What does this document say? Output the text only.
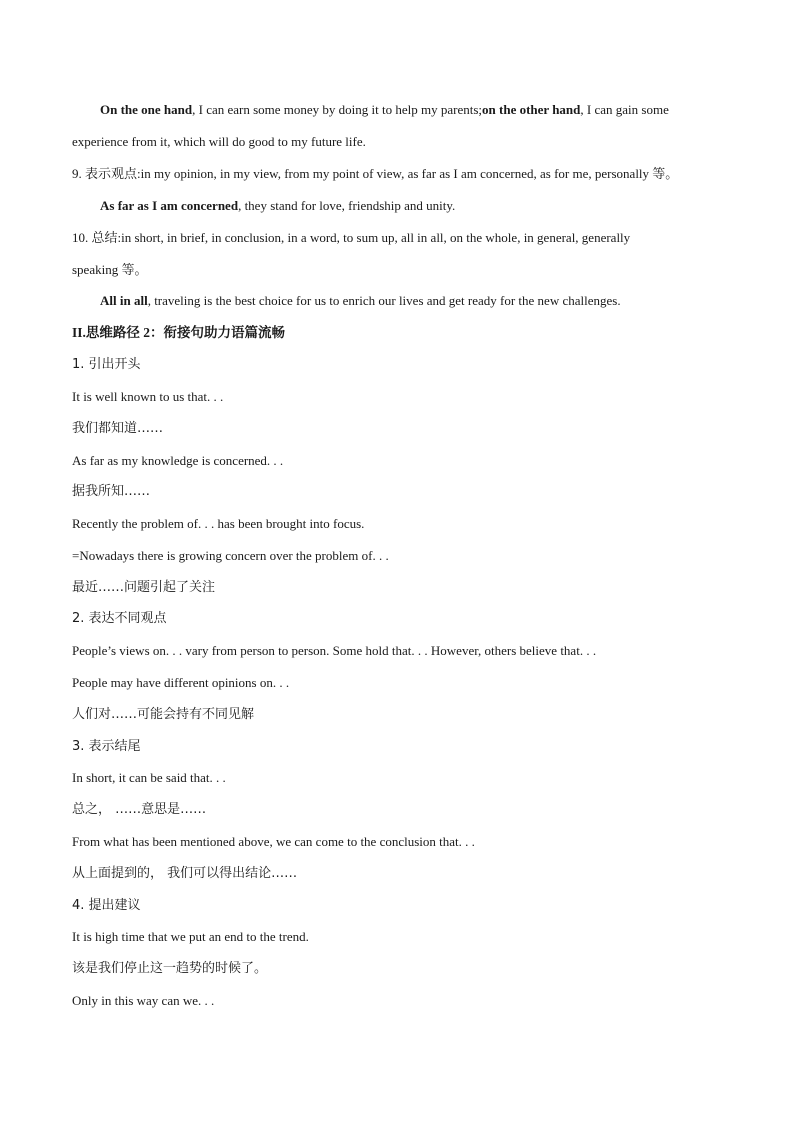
On the one hand, I can earn some money by doing it to help my parents;on the other hand, I can gain some
experience from it, which will do good to my future life.
9. 表示观点:in my opinion, in my view, from my point of view, as far as I am concerned, as for me, personally 等。
As far as I am concerned, they stand for love, friendship and unity.
10. 总结:in short, in brief, in conclusion, in a word, to sum up, all in all, on the whole, in general, generally
speaking 等。
All in all, traveling is the best choice for us to enrich our lives and get ready for the new challenges.
II.思维路径 2：衔接句助力语篇流畅
1. 引出开头
It is well known to us that. . .
我们都知道……
As far as my knowledge is concerned. . .
据我所知……
Recently the problem of. . . has been brought into focus.
=Nowadays there is growing concern over the problem of. . .
最近……问题引起了关注
2. 表达不同观点
People’s views on. . . vary from person to person. Some hold that. . . However, others believe that. . .
People may have different opinions on. . .
人们对……可能会持有不同见解
3. 表示结尾
In short, it can be said that. . .
总之， ……意思是……
From what has been mentioned above, we can come to the conclusion that. . .
从上面提到的， 我们可以得出结论……
4. 提出建议
It is high time that we put an end to the trend.
该是我们停止这一趋势的时候了。
Only in this way can we. . .
